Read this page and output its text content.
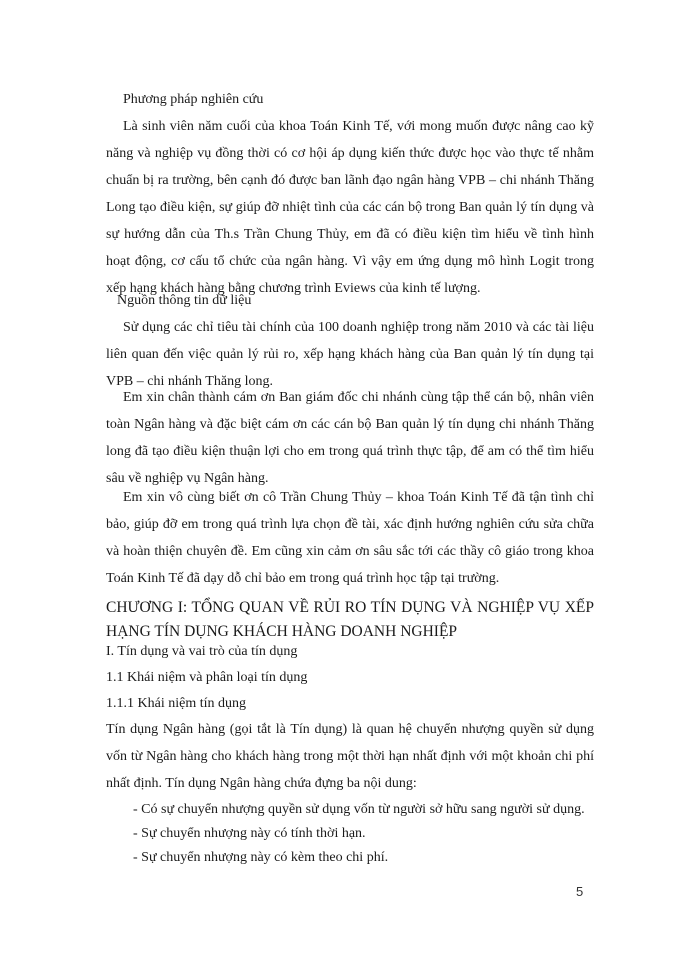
Phương pháp nghiên cứu

Là sinh viên năm cuối của khoa Toán Kinh Tế, với mong muốn được nâng cao kỹ năng và nghiệp vụ đồng thời có cơ hội áp dụng kiến thức được học vào thực tế nhằm chuẩn bị ra trường, bên cạnh đó được ban lãnh đạo ngân hàng VPB – chi nhánh Thăng Long tạo điều kiện, sự giúp đỡ nhiệt tình của các cán bộ trong Ban quản lý tín dụng và sự hướng dẫn của Th.s Trần Chung Thủy, em đã có điều kiện tìm hiểu về tình hình hoạt động, cơ cấu tổ chức của ngân hàng. Vì vậy em ứng dụng mô hình Logit trong xếp hạng khách hàng bằng chương trình Eviews của kinh tế lượng.

Nguồn thông tin dữ liệu

Sử dụng các chỉ tiêu tài chính của 100 doanh nghiệp trong năm 2010 và các tài liệu liên quan đến việc quản lý rủi ro, xếp hạng khách hàng của Ban quản lý tín dụng tại VPB – chi nhánh Thăng long.

Em xin chân thành cám ơn Ban giám đốc chi nhánh cùng tập thể cán bộ, nhân viên toàn Ngân hàng và đặc biệt cám ơn các cán bộ Ban quản lý tín dụng chi nhánh Thăng long đã tạo điều kiện thuận lợi cho em trong quá trình thực tập, để am có thể tìm hiểu sâu về nghiệp vụ Ngân hàng.

Em xin vô cùng biết ơn cô Trần Chung Thủy – khoa Toán Kinh Tế đã tận tình chỉ bảo, giúp đỡ em trong quá trình lựa chọn đề tài, xác định hướng nghiên cứu sửa chữa và hoàn thiện chuyên đề. Em cũng xin cảm ơn sâu sắc tới các thầy cô giáo trong khoa Toán Kinh Tế đã dạy dỗ chỉ bảo em trong quá trình học tập tại trường.

CHƯƠNG I: TỔNG QUAN VỀ RỦI RO TÍN DỤNG VÀ NGHIỆP VỤ XẾP HẠNG TÍN DỤNG KHÁCH HÀNG DOANH NGHIỆP

I. Tín dụng và vai trò của tín dụng

1.1 Khái niệm và phân loại tín dụng

1.1.1 Khái niệm tín dụng

Tín dụng Ngân hàng (gọi tắt là Tín dụng) là quan hệ chuyển nhượng quyền sử dụng vốn từ Ngân hàng cho khách hàng trong một thời hạn nhất định với một khoản chi phí nhất định. Tín dụng Ngân hàng chứa đựng ba nội dung:

- Có sự chuyển nhượng quyền sử dụng vốn từ người sở hữu sang người sử dụng.

- Sự chuyển nhượng này có tính thời hạn.

- Sự chuyển nhượng này có kèm theo chi phí.

5
